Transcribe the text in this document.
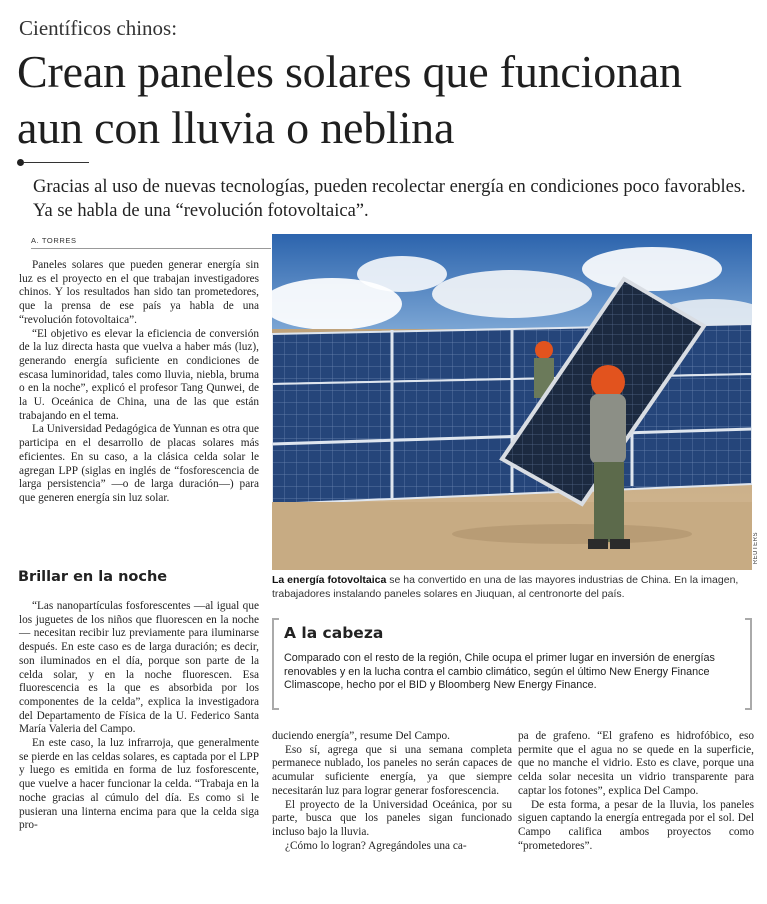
Científicos chinos:
Crean paneles solares que funcionan aun con lluvia o neblina
Gracias al uso de nuevas tecnologías, pueden recolectar energía en condiciones poco favorables. Ya se habla de una “revolución fotovoltaica”.
A. TORRES

Paneles solares que pueden generar energía sin luz es el proyecto en el que trabajan investigadores chinos. Y los resultados han sido tan prometedores, que la prensa de ese país ya habla de una “revolución fotovoltaica”.

“El objetivo es elevar la eficiencia de conversión de la luz directa hasta que vuelva a haber más (luz), generando energía suficiente en condiciones de escasa luminoridad, tales como lluvia, niebla, bruma o en la noche”, explicó el profesor Tang Qunwei, de la U. Oceánica de China, una de las que están trabajando en el tema.

La Universidad Pedagógica de Yunnan es otra que participa en el desarrollo de placas solares más eficientes. En su caso, a la clásica celda solar le agregan LPP (siglas en inglés de “fosforescencia de larga persistencia” —o de larga duración—) para que generen energía sin luz solar.

Brillar en la noche

“Las nanopartículas fosforescentes —al igual que los juguetes de los niños que fluorescen en la noche— necesitan recibir luz previamente para iluminarse después. En este caso es de larga duración; es decir, son iluminados en el día, porque son parte de la celda solar, y en la noche fluorescen. Esa fluorescencia es la que es absorbida por los componentes de la celda”, explica la investigadora del Departamento de Física de la U. Federico Santa María Valeria del Campo.

En este caso, la luz infrarroja, que generalmente se pierde en las celdas solares, es captada por el LPP y luego es emitida en forma de luz fosforescente, que vuelve a hacer funcionar la celda. “Trabaja en la noche gracias al cúmulo del día. Es como si le pusieran una linterna encima para que la celda siga pro-

REUTERS
La energía fotovoltaica se ha convertido en una de las mayores industrias de China. En la imagen, trabajadores instalando paneles solares en Jiuquan, al centronorte del país.
A la cabeza
Comparado con el resto de la región, Chile ocupa el primer lugar en inversión de energías renovables y en la lucha contra el cambio climático, según el último New Energy Finance Climascope, hecho por el BID y Bloomberg New Energy Finance.

duciendo energía”, resume Del Campo.

Eso sí, agrega que si una semana completa permanece nublado, los paneles no serán capaces de acumular suficiente energía, ya que siempre necesitarán luz para lograr generar fosforescencia.

El proyecto de la Universidad Oceánica, por su parte, busca que los paneles sigan funcionado incluso bajo la lluvia.

¿Cómo lo logran? Agregándoles una ca-

pa de grafeno. “El grafeno es hidrofóbico, eso permite que el agua no se quede en la superficie, que no manche el vidrio. Esto es clave, porque una celda solar necesita un vidrio transparente para captar los fotones”, explica Del Campo.

De esta forma, a pesar de la lluvia, los paneles siguen captando la energía entregada por el sol. Del Campo califica ambos proyectos como “prometedores”.
